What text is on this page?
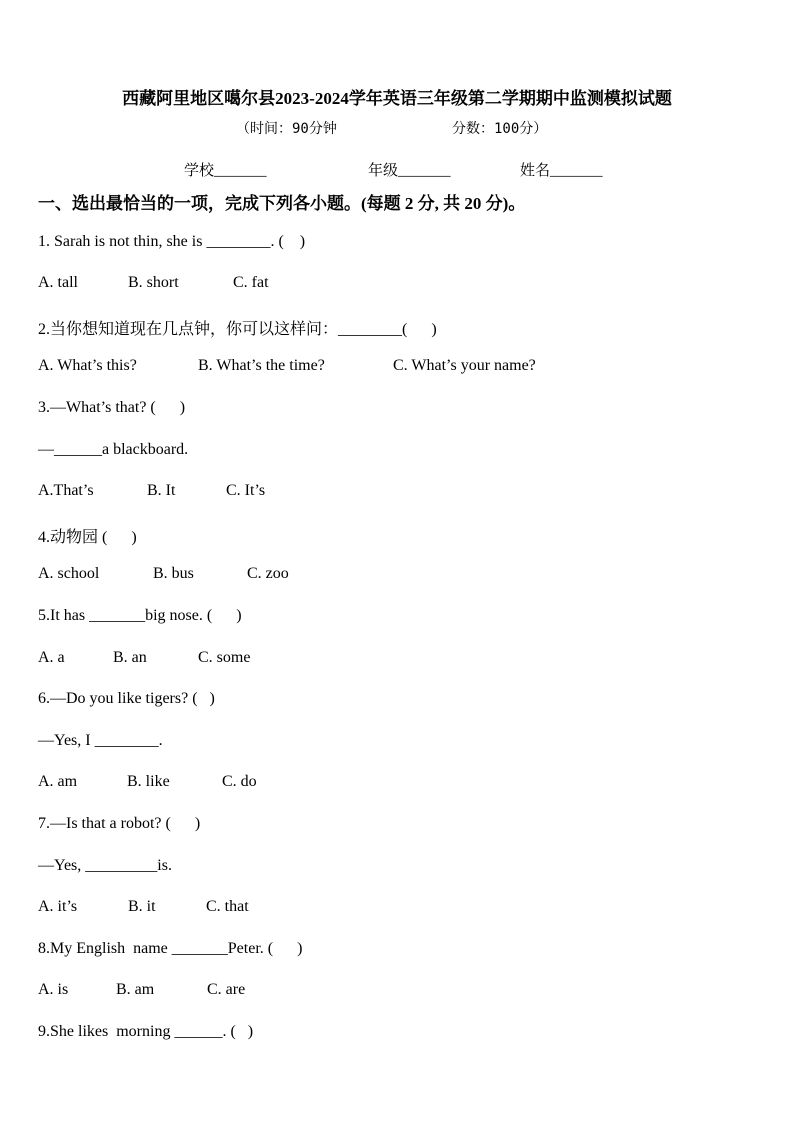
西藏阿里地区噶尔县2023-2024学年英语三年级第二学期期中监测模拟试题
（时间：90分钟	分数：100分）
学校_______	年级_______	姓名_______
一、选出最恰当的一项，完成下列各小题。(每题 2 分, 共 20 分)。
1. Sarah is not thin, she is ________. (    )
A. tall	B. short	C. fat
2.当你想知道现在几点钟，你可以这样问：________(      )
A. What’s this?	B. What’s the time?	C. What’s your name?
3.—What’s that? (      )
—______a blackboard.
A.That’s	B. It	C. It’s
4.动物园 (      )
A. school	B. bus	C. zoo
5.It has _______big nose. (      )
A. a	B. an	C. some
6.—Do you like tigers? (   )
—Yes, I ________.
A. am	B. like	C. do
7.—Is that a robot? (      )
—Yes, _________is.
A. it’s	B. it	C. that
8.My English  name _______Peter. (      )
A. is	B. am	C. are
9.She likes  morning ______. (   )
